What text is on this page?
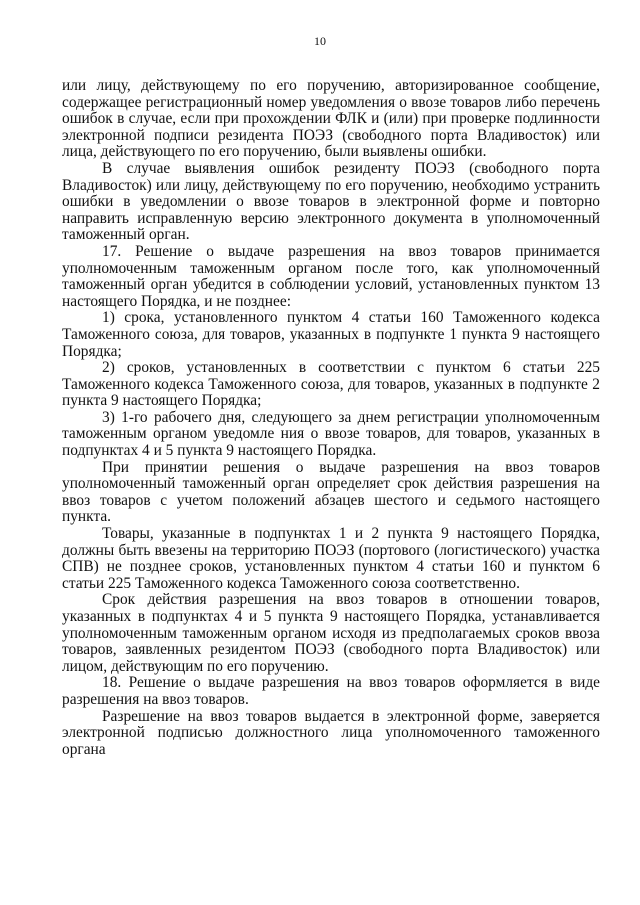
10

или лицу, действующему по его поручению, авторизированное сообщение, содержащее регистрационный номер уведомления о ввозе товаров либо перечень ошибок в случае, если при прохождении ФЛК и (или) при проверке подлинности электронной подписи резидента ПОЭЗ (свободного порта Владивосток) или лица, действующего по его поручению, были выявлены ошибки.

В случае выявления ошибок резиденту ПОЭЗ (свободного порта Владивосток) или лицу, действующему по его поручению, необходимо устранить ошибки в уведомлении о ввозе товаров в электронной форме и повторно направить исправленную версию электронного документа в уполномоченный таможенный орган.

17. Решение о выдаче разрешения на ввоз товаров принимается уполномоченным таможенным органом после того, как уполномоченный таможенный орган убедится в соблюдении условий, установленных пунктом 13 настоящего Порядка, и не позднее:

1) срока, установленного пунктом 4 статьи 160 Таможенного кодекса Таможенного союза, для товаров, указанных в подпункте 1 пункта 9 настоящего Порядка;

2) сроков, установленных в соответствии с пунктом 6 статьи 225 Таможенного кодекса Таможенного союза, для товаров, указанных в подпункте 2 пункта 9 настоящего Порядка;

3) 1-го рабочего дня, следующего за днем регистрации уполномоченным таможенным органом уведомле ния о ввозе товаров, для товаров, указанных в подпунктах 4 и 5 пункта 9 настоящего Порядка.

При принятии решения о выдаче разрешения на ввоз товаров уполномоченный таможенный орган определяет срок действия разрешения на ввоз товаров с учетом положений абзацев шестого и седьмого настоящего пункта.

Товары, указанные в подпунктах 1 и 2 пункта 9 настоящего Порядка, должны быть ввезены на территорию ПОЭЗ (портового (логистического) участка СПВ) не позднее сроков, установленных пунктом 4 статьи 160 и пунктом 6 статьи 225 Таможенного кодекса Таможенного союза соответственно.

Срок действия разрешения на ввоз товаров в отношении товаров, указанных в подпунктах 4 и 5 пункта 9 настоящего Порядка, устанавливается уполномоченным таможенным органом исходя из предполагаемых сроков ввоза товаров, заявленных резидентом ПОЭЗ (свободного порта Владивосток) или лицом, действующим по его поручению.

18. Решение о выдаче разрешения на ввоз товаров оформляется в виде разрешения на ввоз товаров.

Разрешение на ввоз товаров выдается в электронной форме, заверяется электронной подписью должностного лица уполномоченного таможенного органа
